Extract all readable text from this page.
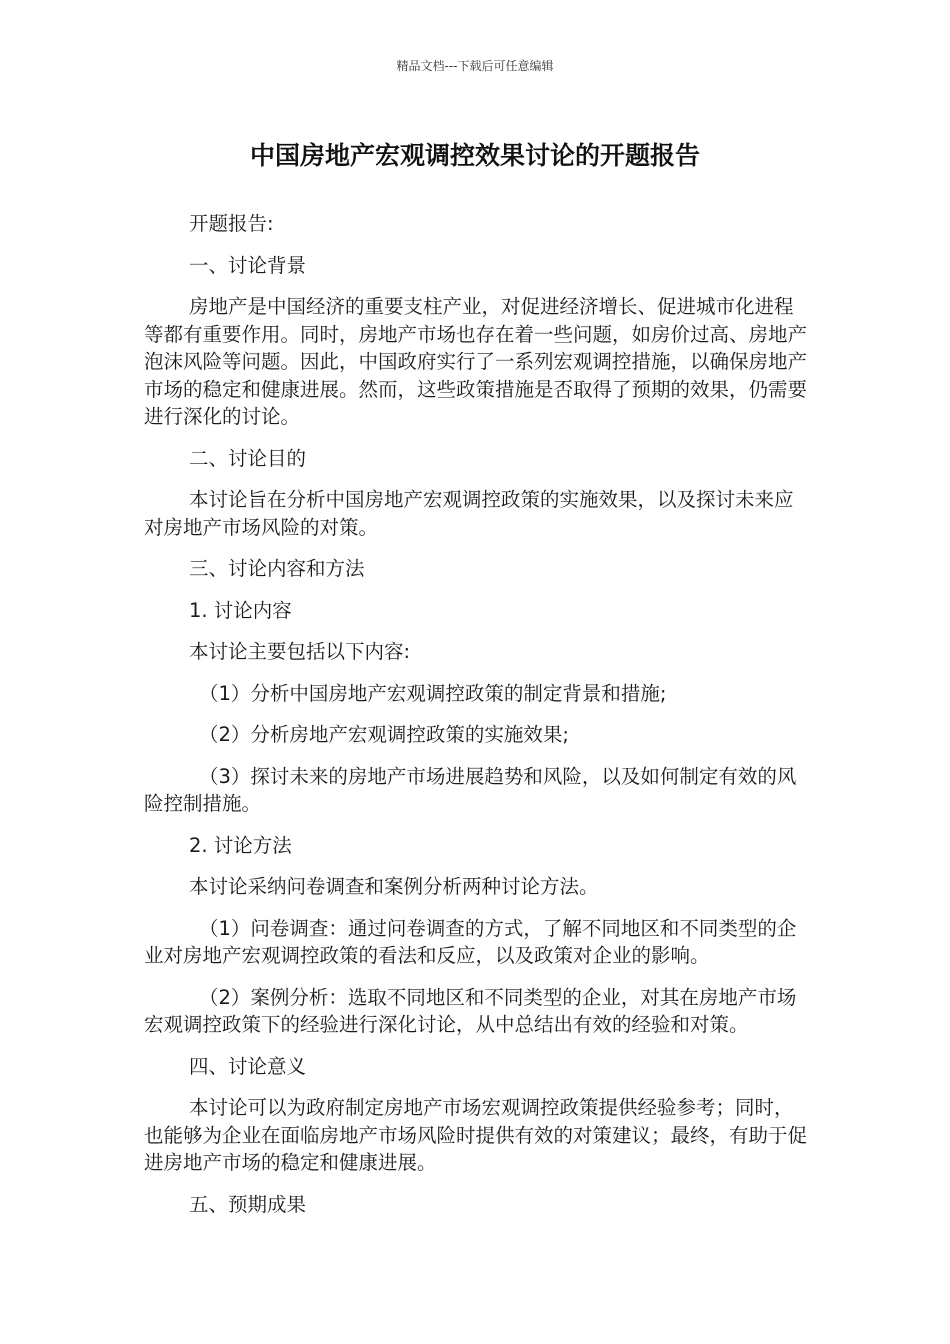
精品文档---下载后可任意编辑
中国房地产宏观调控效果讨论的开题报告

开题报告:

一、讨论背景

房地产是中国经济的重要支柱产业，对促进经济增长、促进城市化进程等都有重要作用。同时，房地产市场也存在着一些问题，如房价过高、房地产泡沫风险等问题。因此，中国政府实行了一系列宏观调控措施，以确保房地产市场的稳定和健康进展。然而，这些政策措施是否取得了预期的效果，仍需要进行深化的讨论。

二、讨论目的

本讨论旨在分析中国房地产宏观调控政策的实施效果，以及探讨未来应对房地产市场风险的对策。

三、讨论内容和方法

1. 讨论内容

本讨论主要包括以下内容:

（1）分析中国房地产宏观调控政策的制定背景和措施;

（2）分析房地产宏观调控政策的实施效果;

（3）探讨未来的房地产市场进展趋势和风险，以及如何制定有效的风险控制措施。

2. 讨论方法

本讨论采纳问卷调查和案例分析两种讨论方法。

（1）问卷调查：通过问卷调查的方式，了解不同地区和不同类型的企业对房地产宏观调控政策的看法和反应，以及政策对企业的影响。

（2）案例分析：选取不同地区和不同类型的企业，对其在房地产市场宏观调控政策下的经验进行深化讨论，从中总结出有效的经验和对策。

四、讨论意义

本讨论可以为政府制定房地产市场宏观调控政策提供经验参考；同时，也能够为企业在面临房地产市场风险时提供有效的对策建议；最终，有助于促进房地产市场的稳定和健康进展。

五、预期成果
